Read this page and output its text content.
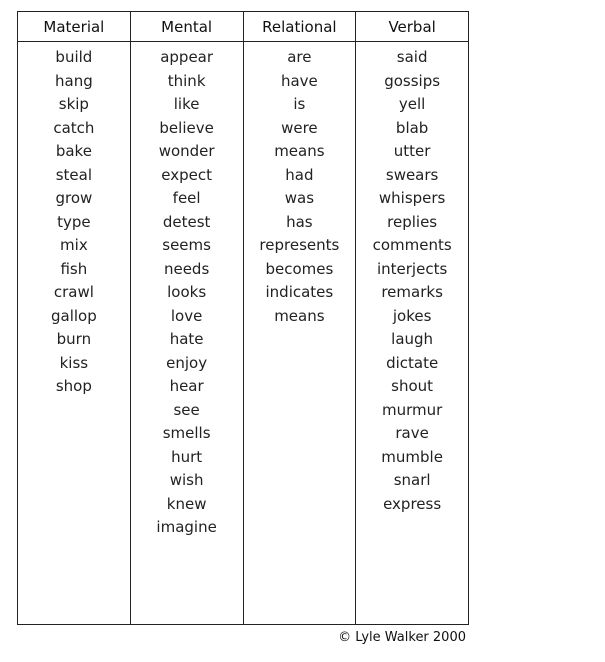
Material
build
hang
skip
catch
bake
steal
grow
type
mix
fish
crawl
gallop
burn
kiss
shop
Mental
appear
think
like
believe
wonder
expect
feel
detest
seems
needs
looks
love
hate
enjoy
hear
see
smells
hurt
wish
knew
imagine
Relational
are
have
is
were
means
had
was
has
represents
becomes
indicates
means
Verbal
said
gossips
yell
blab
utter
swears
whispers
replies
comments
interjects
remarks
jokes
laugh
dictate
shout
murmur
rave
mumble
snarl
express
© Lyle Walker 2000
